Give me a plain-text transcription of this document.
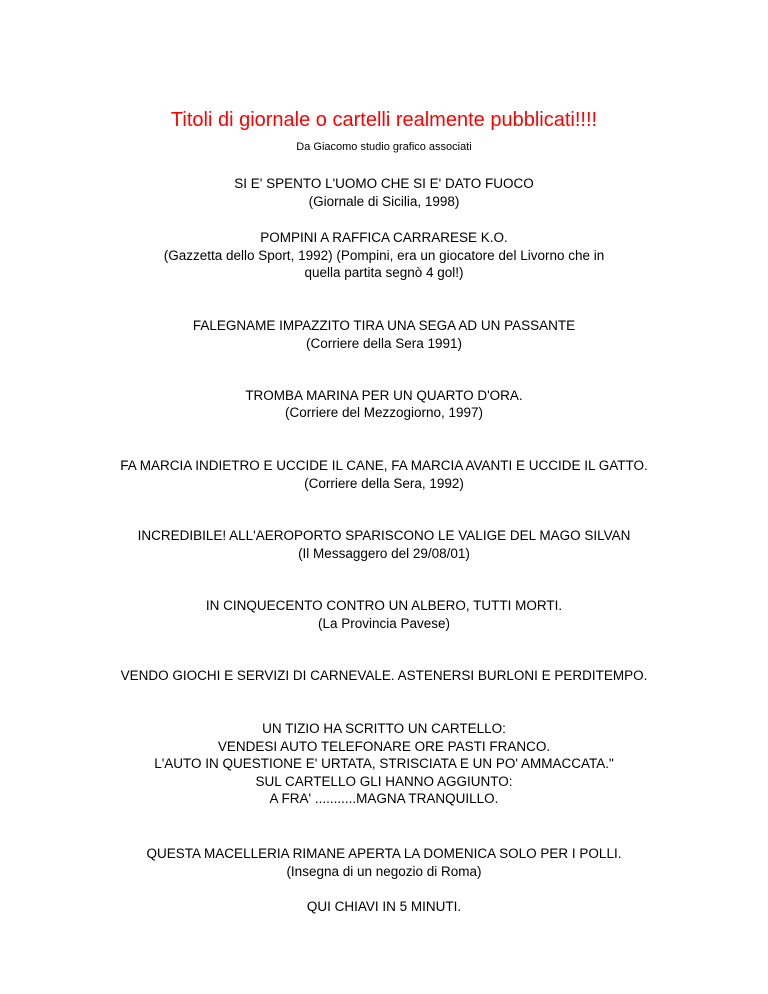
Titoli di giornale o cartelli realmente pubblicati!!!!
Da Giacomo studio grafico associati
SI E' SPENTO L'UOMO CHE SI E' DATO FUOCO
(Giornale di Sicilia, 1998)
POMPINI A RAFFICA CARRARESE K.O.
(Gazzetta dello Sport, 1992) (Pompini, era un giocatore del Livorno che in
quella partita segnò 4 gol!)
FALEGNAME IMPAZZITO TIRA UNA SEGA AD UN PASSANTE
(Corriere della Sera 1991)
TROMBA MARINA PER UN QUARTO D'ORA.
(Corriere del Mezzogiorno, 1997)
FA MARCIA INDIETRO E UCCIDE IL CANE, FA MARCIA AVANTI E UCCIDE IL GATTO.
(Corriere della Sera, 1992)
INCREDIBILE! ALL'AEROPORTO SPARISCONO LE VALIGE DEL MAGO SILVAN
(Il Messaggero del 29/08/01)
IN CINQUECENTO CONTRO UN ALBERO, TUTTI MORTI.
(La Provincia Pavese)
VENDO GIOCHI E SERVIZI DI CARNEVALE. ASTENERSI BURLONI E PERDITEMPO.
UN TIZIO HA SCRITTO UN CARTELLO:
VENDESI AUTO TELEFONARE ORE PASTI FRANCO.
L'AUTO IN QUESTIONE E' URTATA, STRISCIATA E UN PO' AMMACCATA."
SUL CARTELLO GLI HANNO AGGIUNTO:
A FRA' ...........MAGNA TRANQUILLO.
QUESTA MACELLERIA RIMANE APERTA LA DOMENICA SOLO PER I POLLI.
(Insegna di un negozio di Roma)
QUI CHIAVI IN 5 MINUTI.
